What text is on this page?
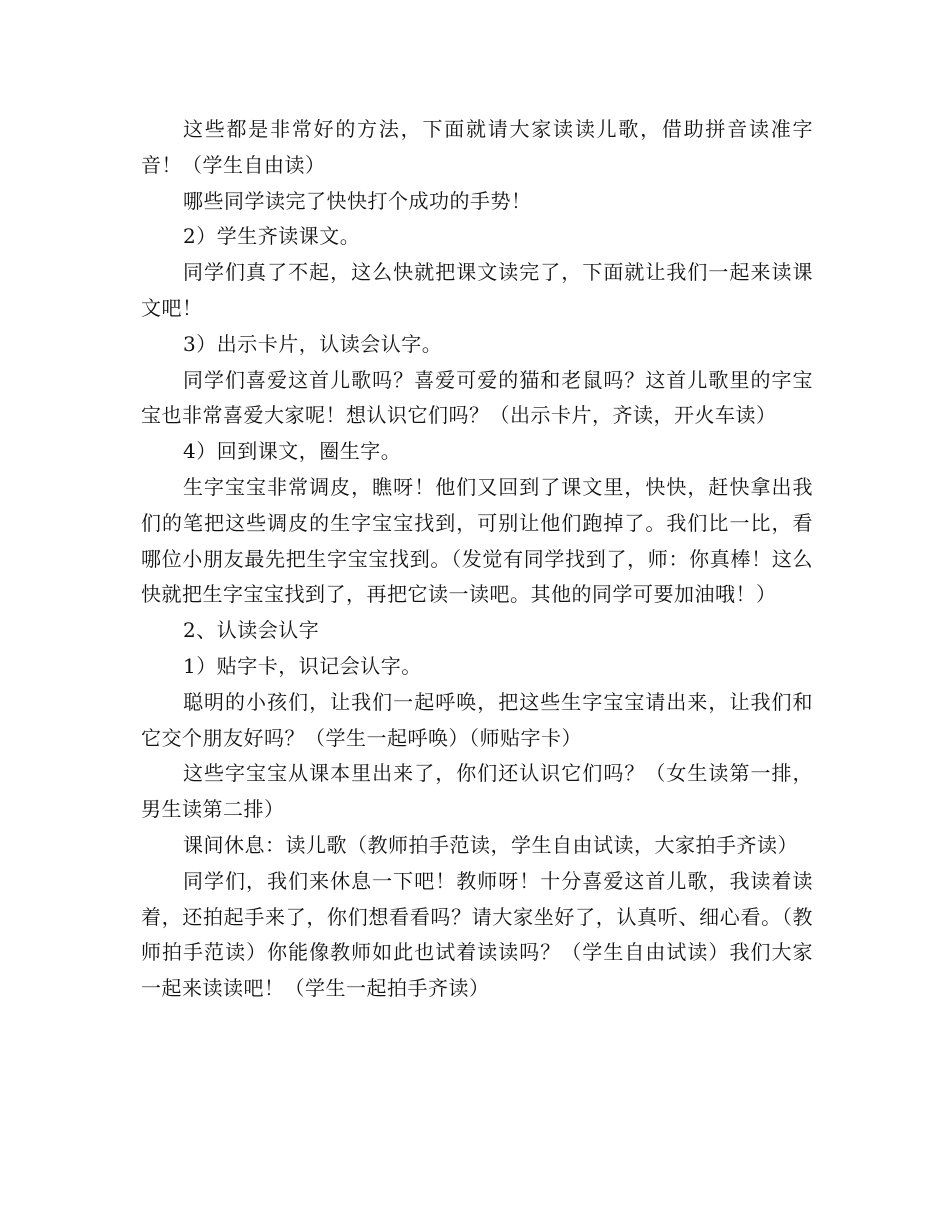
这些都是非常好的方法，下面就请大家读读儿歌，借助拼音读准字音！（学生自由读）

哪些同学读完了快快打个成功的手势！

2）学生齐读课文。

同学们真了不起，这么快就把课文读完了，下面就让我们一起来读课文吧！

3）出示卡片，认读会认字。

同学们喜爱这首儿歌吗？喜爱可爱的猫和老鼠吗？这首儿歌里的字宝宝也非常喜爱大家呢！想认识它们吗？（出示卡片，齐读，开火车读）

4）回到课文，圈生字。

生字宝宝非常调皮，瞧呀！他们又回到了课文里，快快，赶快拿出我们的笔把这些调皮的生字宝宝找到，可别让他们跑掉了。我们比一比，看哪位小朋友最先把生字宝宝找到。（发觉有同学找到了，师：你真棒！这么快就把生字宝宝找到了，再把它读一读吧。其他的同学可要加油哦！）

2、认读会认字

1）贴字卡，识记会认字。

聪明的小孩们，让我们一起呼唤，把这些生字宝宝请出来，让我们和它交个朋友好吗？（学生一起呼唤）（师贴字卡）

这些字宝宝从课本里出来了，你们还认识它们吗？（女生读第一排，男生读第二排）

课间休息：读儿歌（教师拍手范读，学生自由试读，大家拍手齐读）

同学们，我们来休息一下吧！教师呀！十分喜爱这首儿歌，我读着读着，还拍起手来了，你们想看看吗？请大家坐好了，认真听、细心看。（教师拍手范读）你能像教师如此也试着读读吗？（学生自由试读）我们大家一起来读读吧！（学生一起拍手齐读）
